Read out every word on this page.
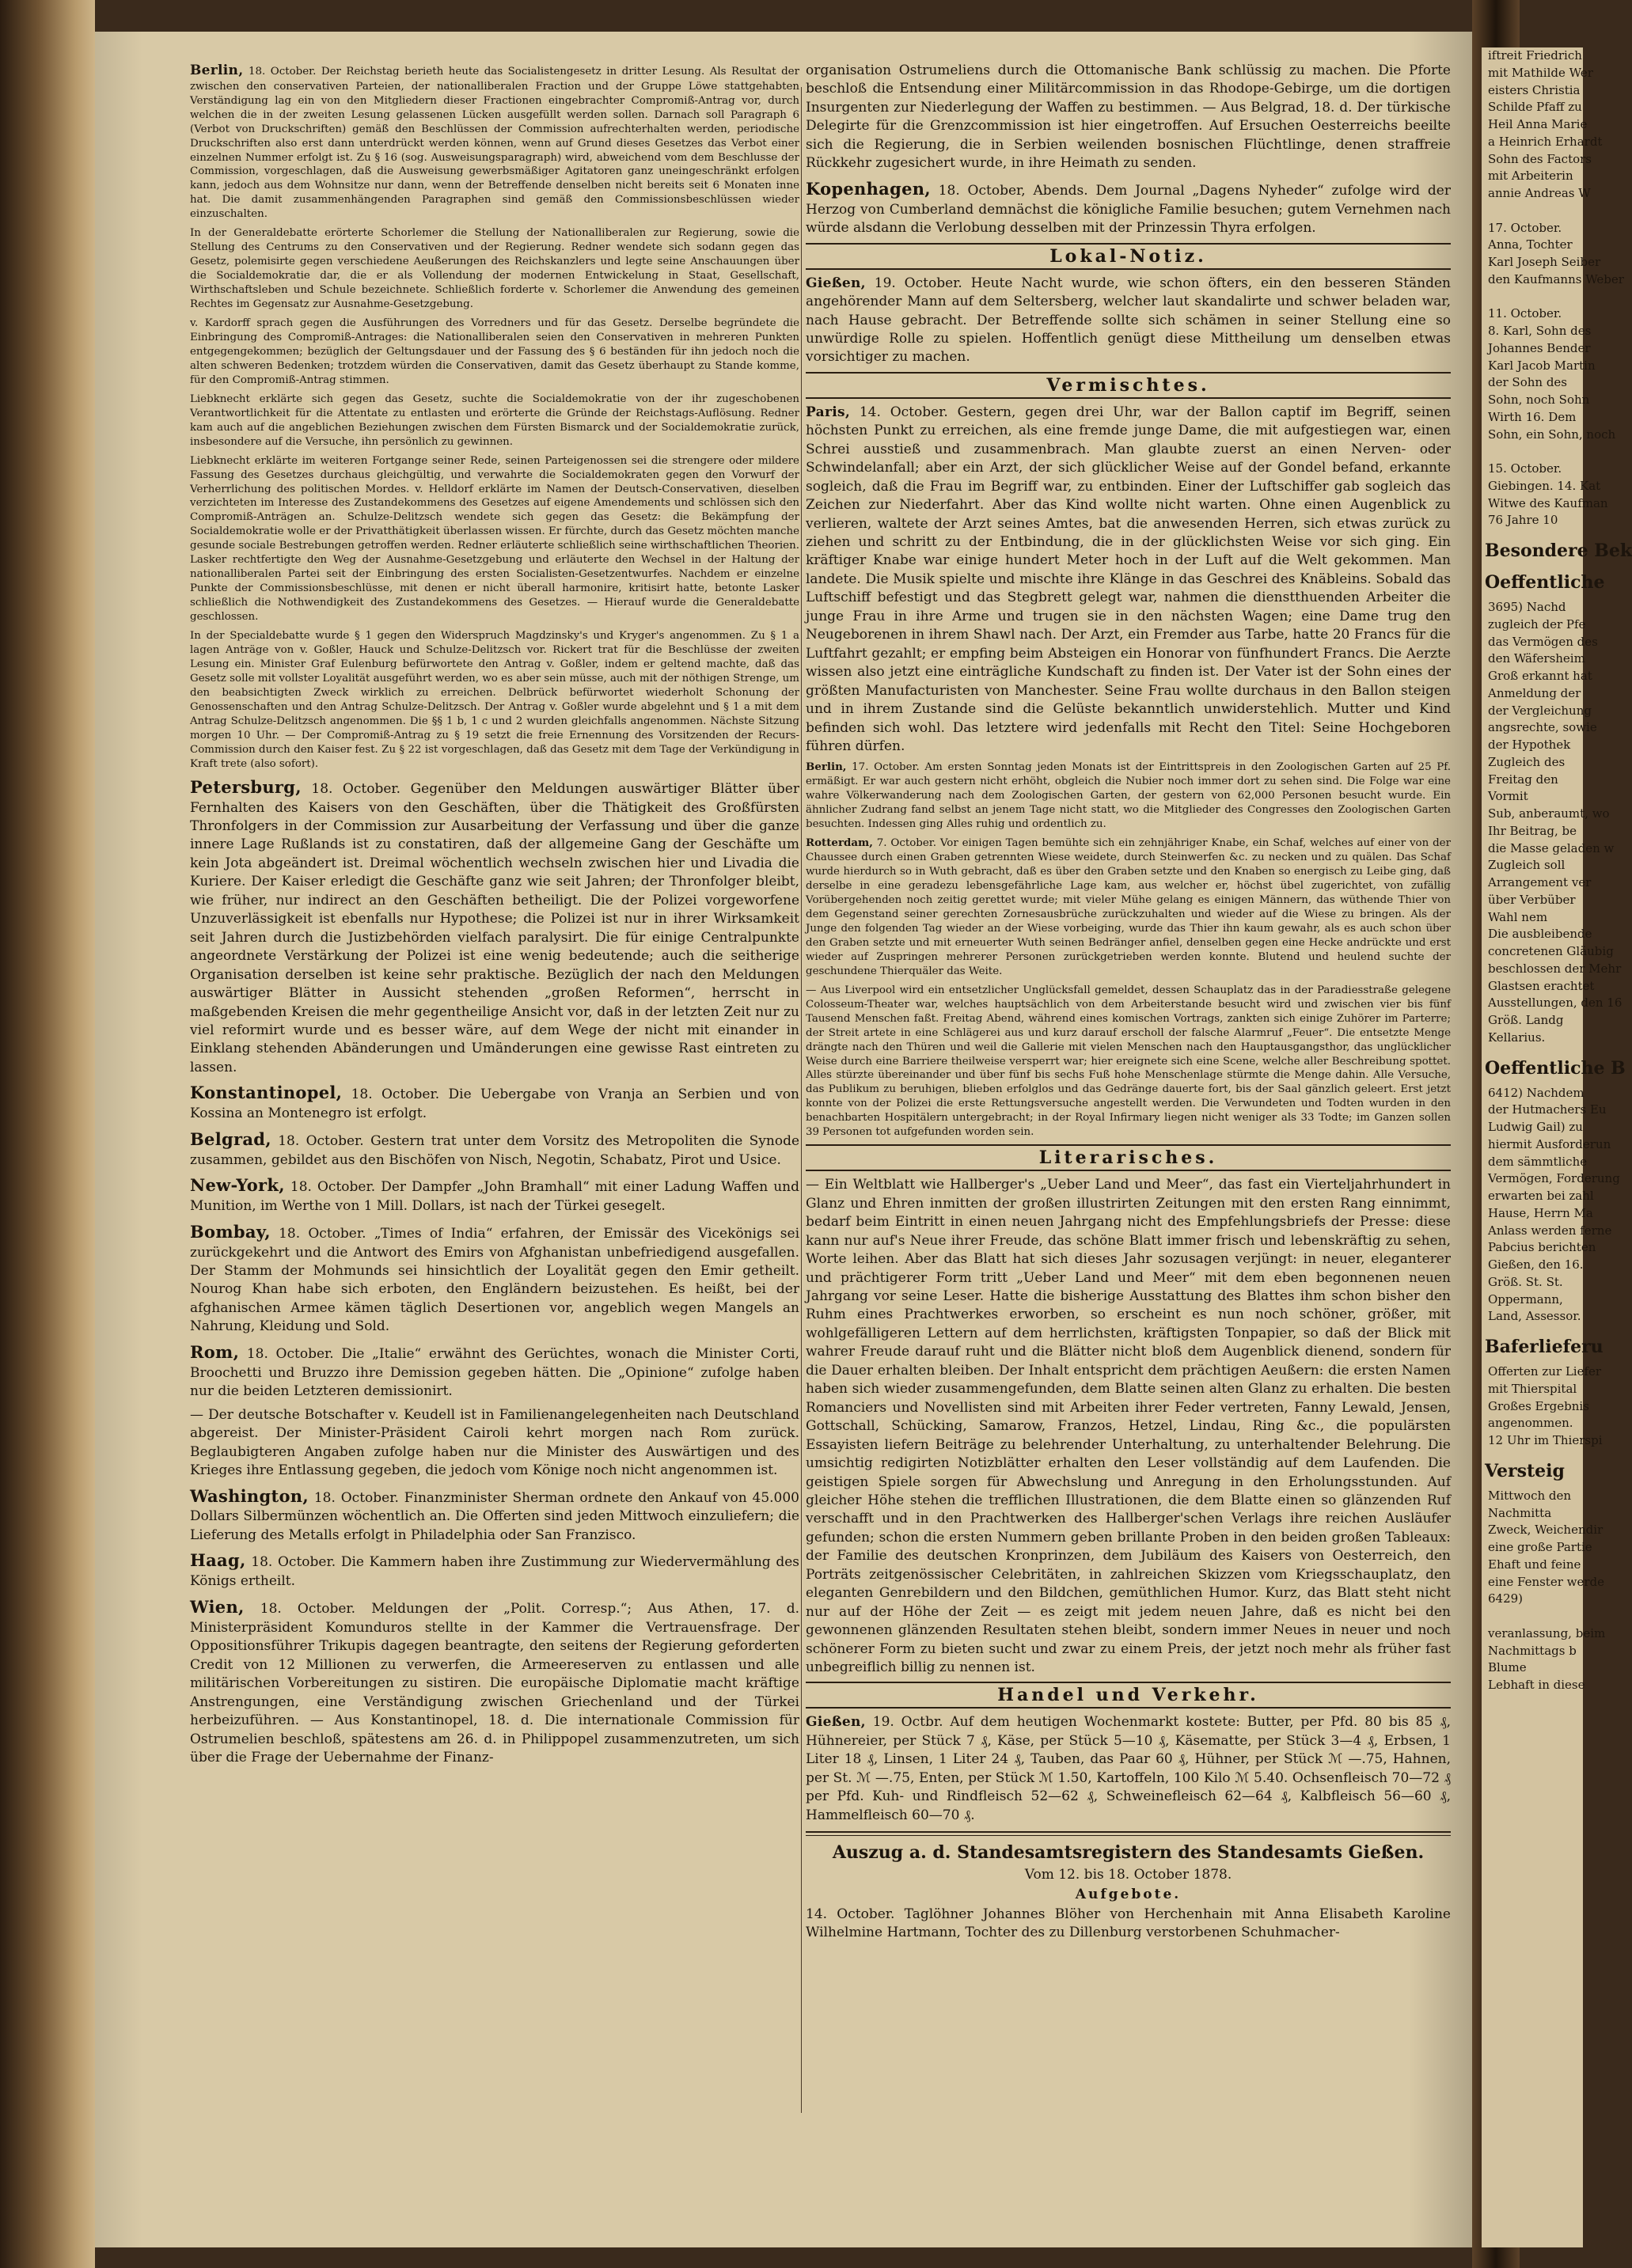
Berlin, 18. October. Der Reichstag berieth heute das Socialistengesetz in dritter Lesung. Als Resultat der zwischen den conservativen Parteien, der nationalliberalen Fraction und der Gruppe Löwe stattgehabten Verständigung lag ein von den Mitgliedern dieser Fractionen eingebrachter Compromiß-Antrag vor, durch welchen die in der zweiten Lesung gelassenen Lücken ausgefüllt werden sollen. Darnach soll Paragraph 6 (Verbot von Druckschriften) gemäß den Beschlüssen der Commission aufrechterhalten werden, periodische Druckschriften also erst dann unterdrückt werden können, wenn auf Grund dieses Gesetzes das Verbot einer einzelnen Nummer erfolgt ist. Zu § 16 (sog. Ausweisungsparagraph) wird, abweichend vom dem Beschlusse der Commission, vorgeschlagen, daß die Ausweisung gewerbsmäßiger Agitatoren ganz uneingeschränkt erfolgen kann, jedoch aus dem Wohnsitze nur dann, wenn der Betreffende denselben nicht bereits seit 6 Monaten inne hat. Die damit zusammenhängenden Paragraphen sind gemäß den Commissionsbeschlüssen wieder einzuschalten.

In der Generaldebatte erörterte Schorlemer die Stellung der Nationalliberalen zur Regierung, sowie die Stellung des Centrums zu den Conservativen und der Regierung. Redner wendete sich sodann gegen das Gesetz, polemisirte gegen verschiedene Aeußerungen des Reichskanzlers und legte seine Anschauungen über die Socialdemokratie dar, die er als Vollendung der modernen Entwickelung in Staat, Gesellschaft, Wirthschaftsleben und Schule bezeichnete. Schließlich forderte v. Schorlemer die Anwendung des gemeinen Rechtes im Gegensatz zur Ausnahme-Gesetzgebung.

v. Kardorff sprach gegen die Ausführungen des Vorredners und für das Gesetz. Derselbe begründete die Einbringung des Compromiß-Antrages: die Nationalliberalen seien den Conservativen in mehreren Punkten entgegengekommen; bezüglich der Geltungsdauer und der Fassung des § 6 beständen für ihn jedoch noch die alten schweren Bedenken; trotzdem würden die Conservativen, damit das Gesetz überhaupt zu Stande komme, für den Compromiß-Antrag stimmen.

Liebknecht erklärte sich gegen das Gesetz, suchte die Socialdemokratie von der ihr zugeschobenen Verantwortlichkeit für die Attentate zu entlasten und erörterte die Gründe der Reichstags-Auflösung. Redner kam auch auf die angeblichen Beziehungen zwischen dem Fürsten Bismarck und der Socialdemokratie zurück, insbesondere auf die Versuche, ihn persönlich zu gewinnen.

Liebknecht erklärte im weiteren Fortgange seiner Rede, seinen Parteigenossen sei die strengere oder mildere Fassung des Gesetzes durchaus gleichgültig, und verwahrte die Socialdemokraten gegen den Vorwurf der Verherrlichung des politischen Mordes. v. Helldorf erklärte im Namen der Deutsch-Conservativen, dieselben verzichteten im Interesse des Zustandekommens des Gesetzes auf eigene Amendements und schlössen sich den Compromiß-Anträgen an. Schulze-Delitzsch wendete sich gegen das Gesetz: die Bekämpfung der Socialdemokratie wolle er der Privatthätigkeit überlassen wissen. Er fürchte, durch das Gesetz möchten manche gesunde sociale Bestrebungen getroffen werden. Redner erläuterte schließlich seine wirthschaftlichen Theorien. Lasker rechtfertigte den Weg der Ausnahme-Gesetzgebung und erläuterte den Wechsel in der Haltung der nationalliberalen Partei seit der Einbringung des ersten Socialisten-Gesetzentwurfes. Nachdem er einzelne Punkte der Commissionsbeschlüsse, mit denen er nicht überall harmonire, kritisirt hatte, betonte Lasker schließlich die Nothwendigkeit des Zustandekommens des Gesetzes. — Hierauf wurde die Generaldebatte geschlossen.

In der Specialdebatte wurde § 1 gegen den Widerspruch Magdzinsky's und Kryger's angenommen. Zu § 1 a lagen Anträge von v. Goßler, Hauck und Schulze-Delitzsch vor. Rickert trat für die Beschlüsse der zweiten Lesung ein. Minister Graf Eulenburg befürwortete den Antrag v. Goßler, indem er geltend machte, daß das Gesetz solle mit vollster Loyalität ausgeführt werden, wo es aber sein müsse, auch mit der nöthigen Strenge, um den beabsichtigten Zweck wirklich zu erreichen. Delbrück befürwortet wiederholt Schonung der Genossenschaften und den Antrag Schulze-Delitzsch. Der Antrag v. Goßler wurde abgelehnt und § 1 a mit dem Antrag Schulze-Delitzsch angenommen. Die §§ 1 b, 1 c und 2 wurden gleichfalls angenommen. Nächste Sitzung morgen 10 Uhr. — Der Compromiß-Antrag zu § 19 setzt die freie Ernennung des Vorsitzenden der Recurs-Commission durch den Kaiser fest. Zu § 22 ist vorgeschlagen, daß das Gesetz mit dem Tage der Verkündigung in Kraft trete (also sofort).

Petersburg, 18. October. Gegenüber den Meldungen auswärtiger Blätter über Fernhalten des Kaisers von den Geschäften, über die Thätigkeit des Großfürsten Thronfolgers in der Commission zur Ausarbeitung der Verfassung und über die ganze innere Lage Rußlands ist zu constatiren, daß der allgemeine Gang der Geschäfte um kein Jota abgeändert ist. Dreimal wöchentlich wechseln zwischen hier und Livadia die Kuriere. Der Kaiser erledigt die Geschäfte ganz wie seit Jahren; der Thronfolger bleibt, wie früher, nur indirect an den Geschäften betheiligt. Die der Polizei vorgeworfene Unzuverlässigkeit ist ebenfalls nur Hypothese; die Polizei ist nur in ihrer Wirksamkeit seit Jahren durch die Justizbehörden vielfach paralysirt. Die für einige Centralpunkte angeordnete Verstärkung der Polizei ist eine wenig bedeutende; auch die seitherige Organisation derselben ist keine sehr praktische. Bezüglich der nach den Meldungen auswärtiger Blätter in Aussicht stehenden „großen Reformen“, herrscht in maßgebenden Kreisen die mehr gegentheilige Ansicht vor, daß in der letzten Zeit nur zu viel reformirt wurde und es besser wäre, auf dem Wege der nicht mit einander in Einklang stehenden Abänderungen und Umänderungen eine gewisse Rast eintreten zu lassen.

Konstantinopel, 18. October. Die Uebergabe von Vranja an Serbien und von Kossina an Montenegro ist erfolgt.

Belgrad, 18. October. Gestern trat unter dem Vorsitz des Metropoliten die Synode zusammen, gebildet aus den Bischöfen von Nisch, Negotin, Schabatz, Pirot und Usice.

New-York, 18. October. Der Dampfer „John Bramhall“ mit einer Ladung Waffen und Munition, im Werthe von 1 Mill. Dollars, ist nach der Türkei gesegelt.

Bombay, 18. October. „Times of India“ erfahren, der Emissär des Vicekönigs sei zurückgekehrt und die Antwort des Emirs von Afghanistan unbefriedigend ausgefallen. Der Stamm der Mohmunds sei hinsichtlich der Loyalität gegen den Emir getheilt. Nourog Khan habe sich erboten, den Engländern beizustehen. Es heißt, bei der afghanischen Armee kämen täglich Desertionen vor, angeblich wegen Mangels an Nahrung, Kleidung und Sold.

Rom, 18. October. Die „Italie“ erwähnt des Gerüchtes, wonach die Minister Corti, Broochetti und Bruzzo ihre Demission gegeben hätten. Die „Opinione“ zufolge haben nur die beiden Letzteren demissionirt.

— Der deutsche Botschafter v. Keudell ist in Familienangelegenheiten nach Deutschland abgereist. Der Minister-Präsident Cairoli kehrt morgen nach Rom zurück. Beglaubigteren Angaben zufolge haben nur die Minister des Auswärtigen und des Krieges ihre Entlassung gegeben, die jedoch vom Könige noch nicht angenommen ist.

Washington, 18. October. Finanzminister Sherman ordnete den Ankauf von 45.000 Dollars Silbermünzen wöchentlich an. Die Offerten sind jeden Mittwoch einzuliefern; die Lieferung des Metalls erfolgt in Philadelphia oder San Franzisco.

Haag, 18. October. Die Kammern haben ihre Zustimmung zur Wiedervermählung des Königs ertheilt.

Wien, 18. October. Meldungen der „Polit. Corresp.“; Aus Athen, 17. d. Ministerpräsident Komunduros stellte in der Kammer die Vertrauensfrage. Der Oppositionsführer Trikupis dagegen beantragte, den seitens der Regierung geforderten Credit von 12 Millionen zu verwerfen, die Armeereserven zu entlassen und alle militärischen Vorbereitungen zu sistiren. Die europäische Diplomatie macht kräftige Anstrengungen, eine Verständigung zwischen Griechenland und der Türkei herbeizuführen. — Aus Konstantinopel, 18. d. Die internationale Commission für Ostrumelien beschloß, spätestens am 26. d. in Philippopel zusammenzutreten, um sich über die Frage der Uebernahme der Finanz-

organisation Ostrumeliens durch die Ottomanische Bank schlüssig zu machen. Die Pforte beschloß die Entsendung einer Militärcommission in das Rhodope-Gebirge, um die dortigen Insurgenten zur Niederlegung der Waffen zu bestimmen. — Aus Belgrad, 18. d. Der türkische Delegirte für die Grenzcommission ist hier eingetroffen. Auf Ersuchen Oesterreichs beeilte sich die Regierung, die in Serbien weilenden bosnischen Flüchtlinge, denen straffreie Rückkehr zugesichert wurde, in ihre Heimath zu senden.

Kopenhagen, 18. October, Abends. Dem Journal „Dagens Nyheder“ zufolge wird der Herzog von Cumberland demnächst die königliche Familie besuchen; gutem Vernehmen nach würde alsdann die Verlobung desselben mit der Prinzessin Thyra erfolgen.

Lokal-Notiz.

Gießen, 19. October. Heute Nacht wurde, wie schon öfters, ein den besseren Ständen angehörender Mann auf dem Seltersberg, welcher laut skandalirte und schwer beladen war, nach Hause gebracht. Der Betreffende sollte sich schämen in seiner Stellung eine so unwürdige Rolle zu spielen. Hoffentlich genügt diese Mittheilung um denselben etwas vorsichtiger zu machen.

Vermischtes.

Paris, 14. October. Gestern, gegen drei Uhr, war der Ballon captif im Begriff, seinen höchsten Punkt zu erreichen, als eine fremde junge Dame, die mit aufgestiegen war, einen Schrei ausstieß und zusammenbrach. Man glaubte zuerst an einen Nerven- oder Schwindelanfall; aber ein Arzt, der sich glücklicher Weise auf der Gondel befand, erkannte sogleich, daß die Frau im Begriff war, zu entbinden. Einer der Luftschiffer gab sogleich das Zeichen zur Niederfahrt. Aber das Kind wollte nicht warten. Ohne einen Augenblick zu verlieren, waltete der Arzt seines Amtes, bat die anwesenden Herren, sich etwas zurück zu ziehen und schritt zu der Entbindung, die in der glücklichsten Weise vor sich ging. Ein kräftiger Knabe war einige hundert Meter hoch in der Luft auf die Welt gekommen. Man landete. Die Musik spielte und mischte ihre Klänge in das Geschrei des Knäbleins. Sobald das Luftschiff befestigt und das Stegbrett gelegt war, nahmen die dienstthuenden Arbeiter die junge Frau in ihre Arme und trugen sie in den nächsten Wagen; eine Dame trug den Neugeborenen in ihrem Shawl nach. Der Arzt, ein Fremder aus Tarbe, hatte 20 Francs für die Luftfahrt gezahlt; er empfing beim Absteigen ein Honorar von fünfhundert Francs. Die Aerzte wissen also jetzt eine einträgliche Kundschaft zu finden ist. Der Vater ist der Sohn eines der größten Manufacturisten von Manchester. Seine Frau wollte durchaus in den Ballon steigen und in ihrem Zustande sind die Gelüste bekanntlich unwiderstehlich. Mutter und Kind befinden sich wohl. Das letztere wird jedenfalls mit Recht den Titel: Seine Hochgeboren führen dürfen.

Berlin, 17. October. Am ersten Sonntag jeden Monats ist der Eintrittspreis in den Zoologischen Garten auf 25 Pf. ermäßigt. Er war auch gestern nicht erhöht, obgleich die Nubier noch immer dort zu sehen sind. Die Folge war eine wahre Völkerwanderung nach dem Zoologischen Garten, der gestern von 62,000 Personen besucht wurde. Ein ähnlicher Zudrang fand selbst an jenem Tage nicht statt, wo die Mitglieder des Congresses den Zoologischen Garten besuchten. Indessen ging Alles ruhig und ordentlich zu.

Rotterdam, 7. October. Vor einigen Tagen bemühte sich ein zehnjähriger Knabe, ein Schaf, welches auf einer von der Chaussee durch einen Graben getrennten Wiese weidete, durch Steinwerfen &c. zu necken und zu quälen. Das Schaf wurde hierdurch so in Wuth gebracht, daß es über den Graben setzte und den Knaben so energisch zu Leibe ging, daß derselbe in eine geradezu lebensgefährliche Lage kam, aus welcher er, höchst übel zugerichtet, von zufällig Vorübergehenden noch zeitig gerettet wurde; mit vieler Mühe gelang es einigen Männern, das wüthende Thier von dem Gegenstand seiner gerechten Zornesausbrüche zurückzuhalten und wieder auf die Wiese zu bringen. Als der Junge den folgenden Tag wieder an der Wiese vorbeiging, wurde das Thier ihn kaum gewahr, als es auch schon über den Graben setzte und mit erneuerter Wuth seinen Bedränger anfiel, denselben gegen eine Hecke andrückte und erst wieder auf Zuspringen mehrerer Personen zurückgetrieben werden konnte. Blutend und heulend suchte der geschundene Thierquäler das Weite.

— Aus Liverpool wird ein entsetzlicher Unglücksfall gemeldet, dessen Schauplatz das in der Paradiesstraße gelegene Colosseum-Theater war, welches hauptsächlich von dem Arbeiterstande besucht wird und zwischen vier bis fünf Tausend Menschen faßt. Freitag Abend, während eines komischen Vortrags, zankten sich einige Zuhörer im Parterre; der Streit artete in eine Schlägerei aus und kurz darauf erscholl der falsche Alarmruf „Feuer“. Die entsetzte Menge drängte nach den Thüren und weil die Gallerie mit vielen Menschen nach den Hauptausgangsthor, das unglücklicher Weise durch eine Barriere theilweise versperrt war; hier ereignete sich eine Scene, welche aller Beschreibung spottet. Alles stürzte übereinander und über fünf bis sechs Fuß hohe Menschenlage stürmte die Menge dahin. Alle Versuche, das Publikum zu beruhigen, blieben erfolglos und das Gedränge dauerte fort, bis der Saal gänzlich geleert. Erst jetzt konnte von der Polizei die erste Rettungsversuche angestellt werden. Die Verwundeten und Todten wurden in den benachbarten Hospitälern untergebracht; in der Royal Infirmary liegen nicht weniger als 33 Todte; im Ganzen sollen 39 Personen tot aufgefunden worden sein.

Literarisches.

— Ein Weltblatt wie Hallberger's „Ueber Land und Meer“, das fast ein Vierteljahrhundert in Glanz und Ehren inmitten der großen illustrirten Zeitungen mit den ersten Rang einnimmt, bedarf beim Eintritt in einen neuen Jahrgang nicht des Empfehlungsbriefs der Presse: diese kann nur auf's Neue ihrer Freude, das schöne Blatt immer frisch und lebenskräftig zu sehen, Worte leihen. Aber das Blatt hat sich dieses Jahr sozusagen verjüngt: in neuer, eleganterer und prächtigerer Form tritt „Ueber Land und Meer“ mit dem eben begonnenen neuen Jahrgang vor seine Leser. Hatte die bisherige Ausstattung des Blattes ihm schon bisher den Ruhm eines Prachtwerkes erworben, so erscheint es nun noch schöner, größer, mit wohlgefälligeren Lettern auf dem herrlichsten, kräftigsten Tonpapier, so daß der Blick mit wahrer Freude darauf ruht und die Blätter nicht bloß dem Augenblick dienend, sondern für die Dauer erhalten bleiben. Der Inhalt entspricht dem prächtigen Aeußern: die ersten Namen haben sich wieder zusammengefunden, dem Blatte seinen alten Glanz zu erhalten. Die besten Romanciers und Novellisten sind mit Arbeiten ihrer Feder vertreten, Fanny Lewald, Jensen, Gottschall, Schücking, Samarow, Franzos, Hetzel, Lindau, Ring &c., die populärsten Essayisten liefern Beiträge zu belehrender Unterhaltung, zu unterhaltender Belehrung. Die umsichtig redigirten Notizblätter erhalten den Leser vollständig auf dem Laufenden. Die geistigen Spiele sorgen für Abwechslung und Anregung in den Erholungsstunden. Auf gleicher Höhe stehen die trefflichen Illustrationen, die dem Blatte einen so glänzenden Ruf verschafft und in den Prachtwerken des Hallberger'schen Verlags ihre reichen Ausläufer gefunden; schon die ersten Nummern geben brillante Proben in den beiden großen Tableaux: der Familie des deutschen Kronprinzen, dem Jubiläum des Kaisers von Oesterreich, den Porträts zeitgenössischer Celebritäten, in zahlreichen Skizzen vom Kriegsschauplatz, den eleganten Genrebildern und den Bildchen, gemüthlichen Humor. Kurz, das Blatt steht nicht nur auf der Höhe der Zeit — es zeigt mit jedem neuen Jahre, daß es nicht bei den gewonnenen glänzenden Resultaten stehen bleibt, sondern immer Neues in neuer und noch schönerer Form zu bieten sucht und zwar zu einem Preis, der jetzt noch mehr als früher fast unbegreiflich billig zu nennen ist.

Handel und Verkehr.

Gießen, 19. Octbr. Auf dem heutigen Wochenmarkt kostete: Butter, per Pfd. 80 bis 85 ₰, Hühnereier, per Stück 7 ₰, Käse, per Stück 5—10 ₰, Käsematte, per Stück 3—4 ₰, Erbsen, 1 Liter 18 ₰, Linsen, 1 Liter 24 ₰, Tauben, das Paar 60 ₰, Hühner, per Stück ℳ —.75, Hahnen, per St. ℳ —.75, Enten, per Stück ℳ 1.50, Kartoffeln, 100 Kilo ℳ 5.40. Ochsenfleisch 70—72 ₰ per Pfd. Kuh- und Rindfleisch 52—62 ₰, Schweinefleisch 62—64 ₰, Kalbfleisch 56—60 ₰, Hammelfleisch 60—70 ₰.

Auszug a. d. Standesamtsregistern des Standesamts Gießen.

Vom 12. bis 18. October 1878.

Aufgebote.

14. October. Taglöhner Johannes Blöher von Herchenhain mit Anna Elisabeth Karoline Wilhelmine Hartmann, Tochter des zu Dillenburg verstorbenen Schuhmacher-

iftreit Friedrich
mit Mathilde Wer
eisters Christia
Schilde Pfaff zu
Heil Anna Marie
a Heinrich Erhardt
Sohn des Factors
mit Arbeiterin
annie Andreas W

17. October.
Anna, Tochter
Karl Joseph Seiber
den Kaufmanns Weber

11. October.
8. Karl, Sohn des
Johannes Bender
Karl Jacob Martin
der Sohn des
Sohn, noch Sohn
Wirth 16. Dem
Sohn, ein Sohn, noch

15. October.
Giebingen. 14. Kat
Witwe des Kaufman
76 Jahre 10
Besondere Bek
Oeffentliche
3695) Nachd
zugleich der Pfe
das Vermögen des
den Wäfersheim
Groß erkannt hat
Anmeldung der
der Vergleichung
angsrechte, sowie
der Hypothek
Zugleich des
Freitag den
Vormit
Sub, anberaumt, wo
Ihr Beitrag, be
die Masse geladen w
Zugleich soll
Arrangement ver
über Verbüber
Wahl nem
Die ausbleibende
concretenen Gläubig
beschlossen der Mehr
Glastsen erachtet
Ausstellungen, den 16
Größ. Landg
Kellarius.
Oeffentliche B
6412) Nachdem
der Hutmachers Eu
Ludwig Gail) zu
hiermit Ausforderun
dem sämmtliche
Vermögen, Forderung
erwarten bei zahl
Hause, Herrn Ma
Anlass werden ferne
Pabcius berichten
Gießen, den 16.
Größ. St. St.
Oppermann,
Land, Assessor.
Baferlieferu
Offerten zur Liefer
mit Thierspital
Großes Ergebnis
angenommen.
12 Uhr im Thierspi
Versteig
Mittwoch den
Nachmitta
Zweck, Weichendir
eine große Partie
Ehaft und feine
eine Fenster werde
6429)

veranlassung, beim
Nachmittags b
Blume
Lebhaft in diese
